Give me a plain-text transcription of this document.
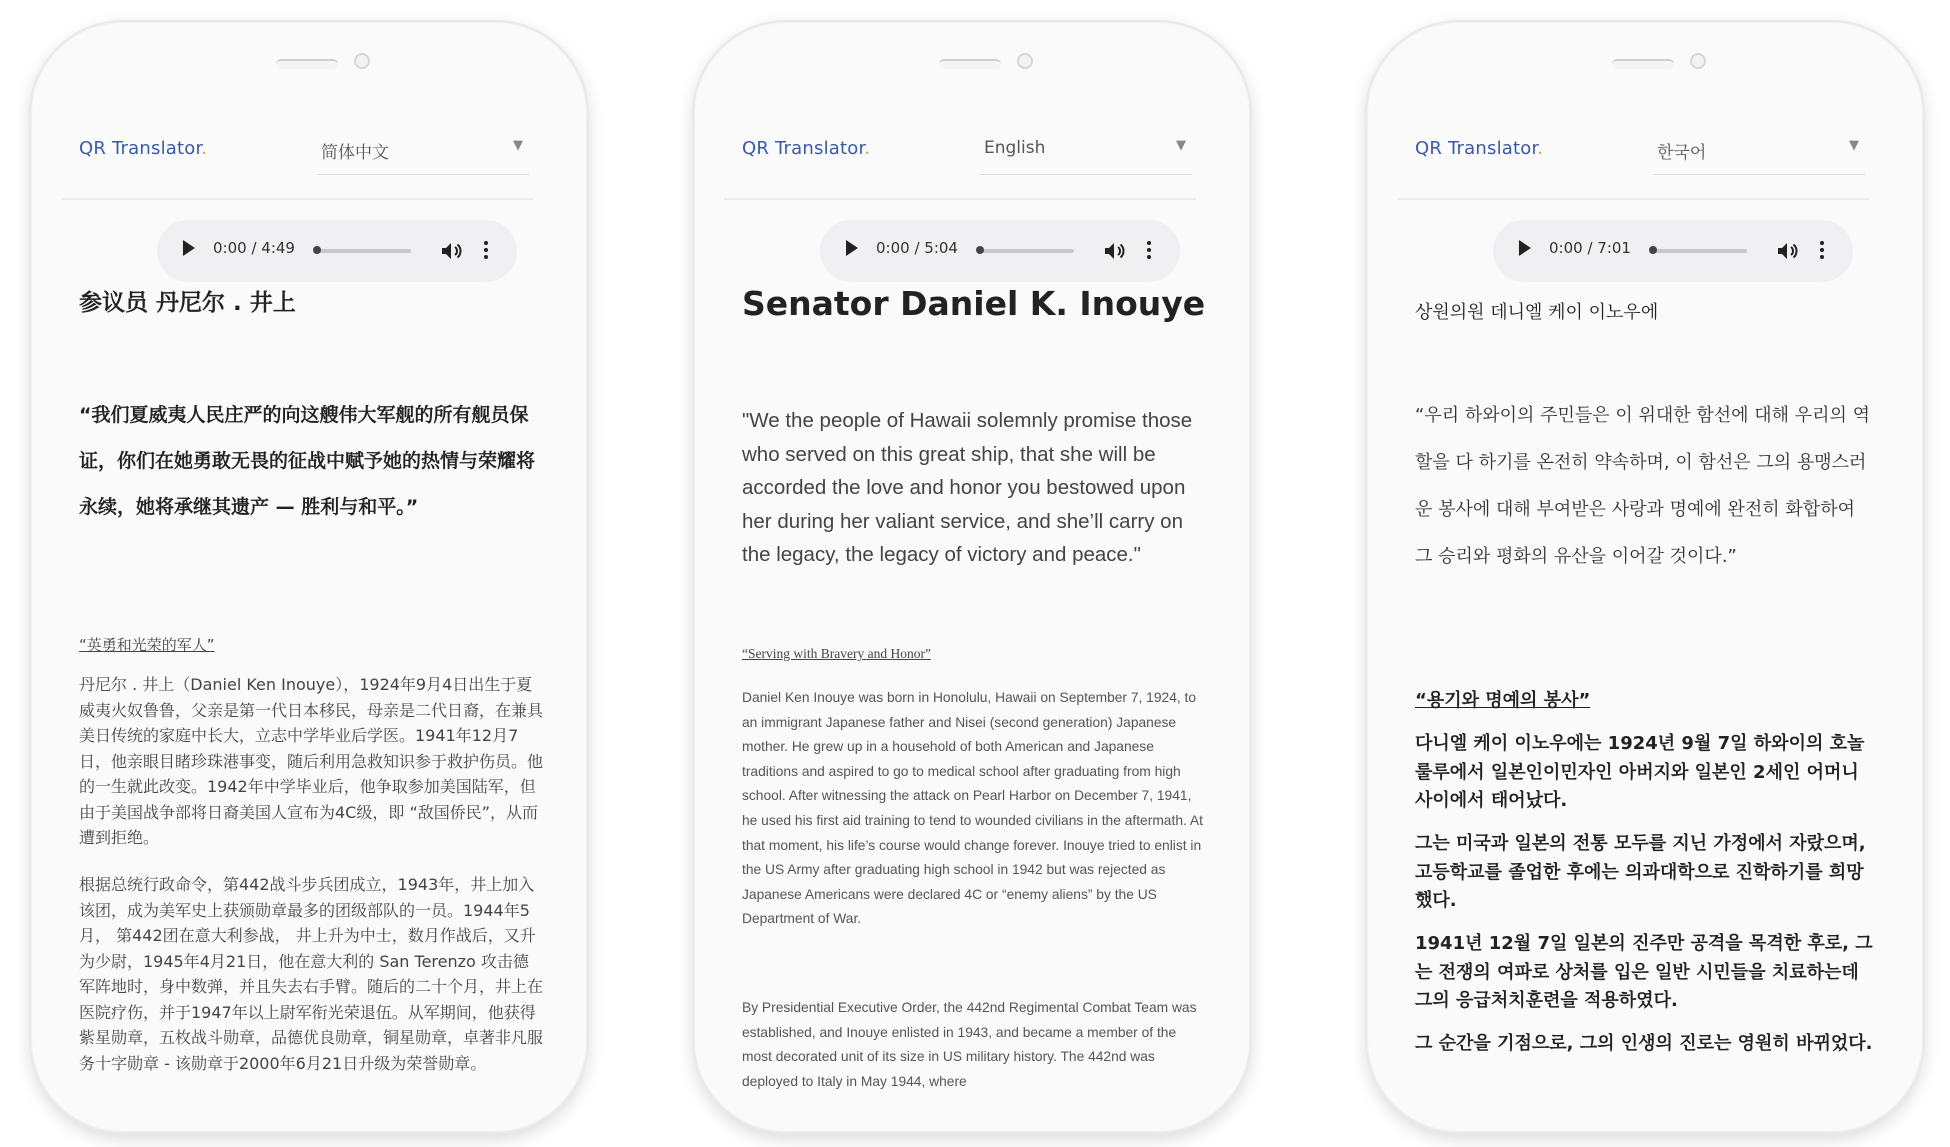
QR Translator.	简体中文	▼
0:00 / 4:49
参议员 丹尼尔 . 井上
“我们夏威夷人民庄严的向这艘伟大军舰的所有舰员保证，你们在她勇敢无畏的征战中赋予她的热情与荣耀将永续，她将承继其遗产 — 胜利与和平。”
“英勇和光荣的军人”
丹尼尔 . 井上（Daniel Ken Inouye），1924年9月4日出生于夏威夷火奴鲁鲁，父亲是第一代日本移民，母亲是二代日裔，在兼具美日传统的家庭中长大，立志中学毕业后学医。1941年12月7日，他亲眼目睹珍珠港事变，随后利用急救知识参于救护伤员。他的一生就此改变。1942年中学毕业后，他争取参加美国陆军，但由于美国战争部将日裔美国人宣布为4C级，即 “敌国侨民”，从而遭到拒绝。
根据总统行政命令，第442战斗步兵团成立，1943年，井上加入该团，成为美军史上获颁勋章最多的团级部队的一员。1944年5月， 第442团在意大利参战， 井上升为中士，数月作战后，又升为少尉，1945年4月21日，他在意大利的 San Terenzo 攻击德军阵地时，身中数弹，并且失去右手臂。随后的二十个月，井上在医院疗伤，并于1947年以上尉军衔光荣退伍。从军期间，他获得紫星勋章，五枚战斗勋章，品德优良勋章，铜星勋章，卓著非凡服务十字勋章 - 该勋章于2000年6月21日升级为荣誉勋章。
QR Translator.	English	▼
0:00 / 5:04
Senator Daniel K. Inouye
"We the people of Hawaii solemnly promise those who served on this great ship, that she will be accorded the love and honor you bestowed upon her during her valiant service, and she’ll carry on the legacy, the legacy of victory and peace."
“Serving with Bravery and Honor”
Daniel Ken Inouye was born in Honolulu, Hawaii on September 7, 1924, to an immigrant Japanese father and Nisei (second generation) Japanese mother. He grew up in a household of both American and Japanese traditions and aspired to go to medical school after graduating from high school. After witnessing the attack on Pearl Harbor on December 7, 1941, he used his first aid training to tend to wounded civilians in the aftermath. At that moment, his life’s course would change forever. Inouye tried to enlist in the US Army after graduating high school in 1942 but was rejected as Japanese Americans were declared 4C or “enemy aliens” by the US Department of War.
By Presidential Executive Order, the 442nd Regimental Combat Team was established, and Inouye enlisted in 1943, and became a member of the most decorated unit of its size in US military history. The 442nd was deployed to Italy in May 1944, where
QR Translator.	한국어	▼
0:00 / 7:01
상원의원 데니엘 케이 이노우에
“우리 하와이의 주민들은 이 위대한 함선에 대해 우리의 역할을 다 하기를 온전히 약속하며, 이 함선은 그의 용맹스러운 봉사에 대해 부여받은 사랑과 명예에 완전히 화합하여 그 승리와 평화의 유산을 이어갈 것이다.”
“용기와 명예의 봉사”
다니엘 케이 이노우에는 1924년 9월 7일 하와이의 호놀룰루에서 일본인이민자인 아버지와 일본인 2세인 어머니 사이에서 태어났다.
그는 미국과 일본의 전통 모두를 지닌 가정에서 자랐으며, 고등학교를 졸업한 후에는 의과대학으로 진학하기를 희망했다.
1941년 12월 7일 일본의 진주만 공격을 목격한 후로, 그는 전쟁의 여파로 상처를 입은 일반 시민들을 치료하는데 그의 응급처치훈련을 적용하였다.
그 순간을 기점으로, 그의 인생의 진로는 영원히 바뀌었다.
